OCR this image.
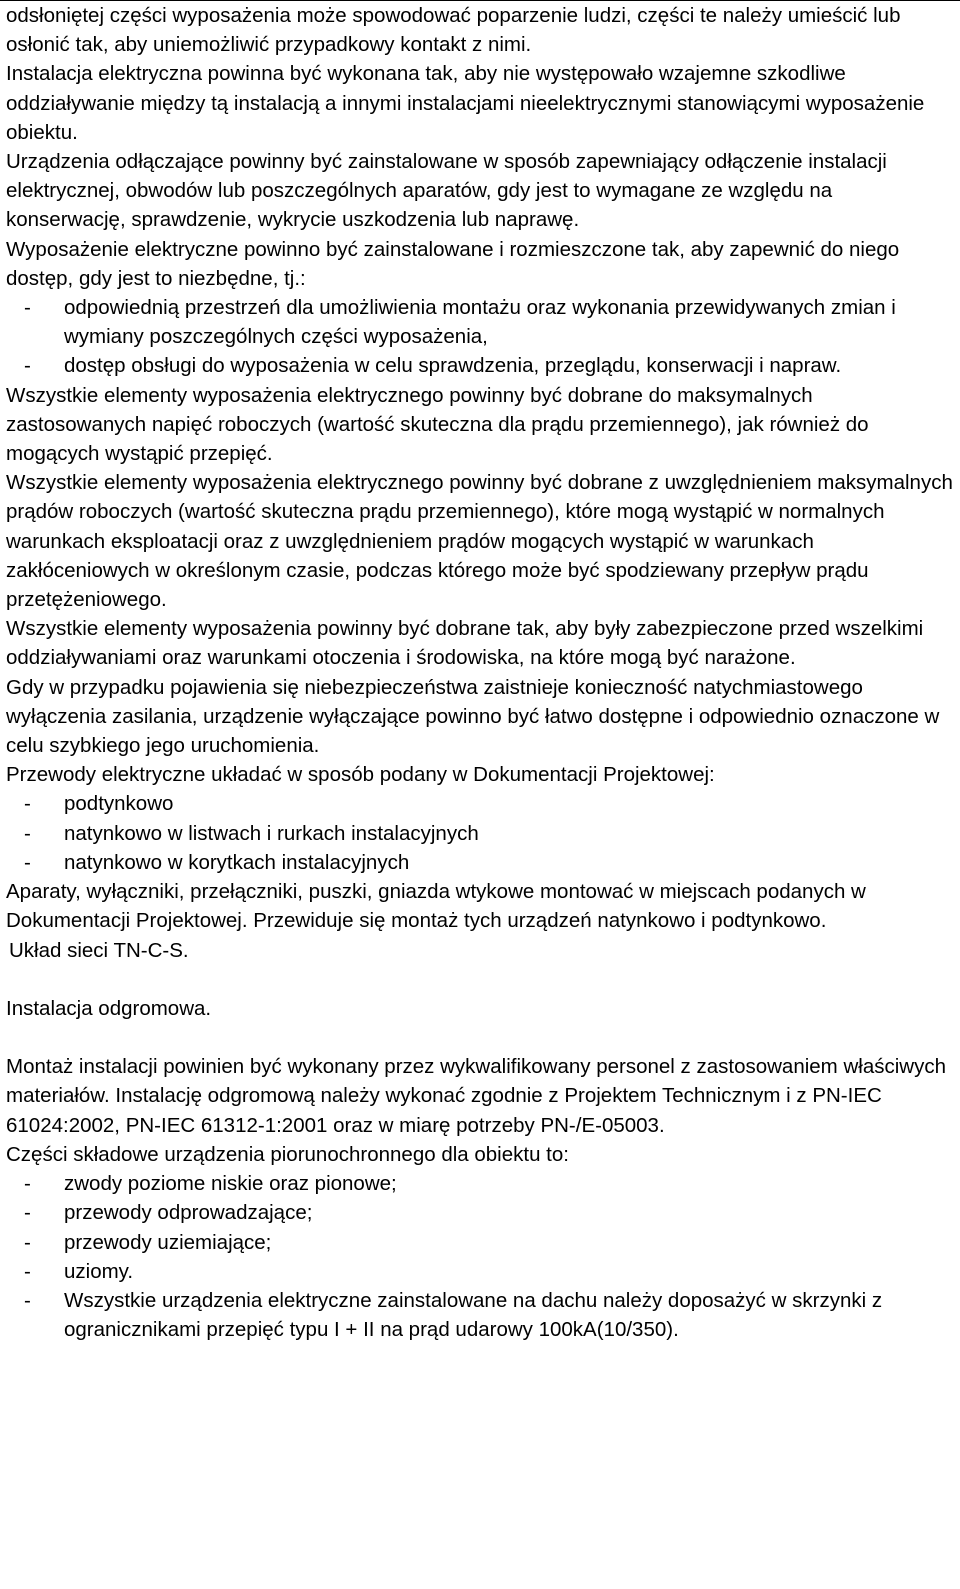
odsłoniętej części wyposażenia może spowodować poparzenie ludzi, części te należy umieścić lub osłonić tak, aby uniemożliwić przypadkowy kontakt z nimi.

Instalacja elektryczna powinna być wykonana tak, aby nie występowało wzajemne szkodliwe oddziaływanie między tą instalacją a innymi instalacjami nieelektrycznymi stanowiącymi wyposażenie obiektu.

Urządzenia odłączające powinny być zainstalowane w sposób zapewniający odłączenie instalacji elektrycznej, obwodów lub poszczególnych aparatów, gdy jest to wymagane ze względu na konserwację, sprawdzenie, wykrycie uszkodzenia lub naprawę.

Wyposażenie elektryczne powinno być zainstalowane i rozmieszczone tak, aby zapewnić do niego dostęp, gdy jest to niezbędne, tj.:

- odpowiednią przestrzeń dla umożliwienia montażu oraz wykonania przewidywanych zmian i wymiany poszczególnych części wyposażenia,
- dostęp obsługi do wyposażenia w celu sprawdzenia, przeglądu, konserwacji i napraw.

Wszystkie elementy wyposażenia elektrycznego powinny być dobrane do maksymalnych zastosowanych napięć roboczych (wartość skuteczna dla prądu przemiennego), jak również do mogących wystąpić przepięć.

Wszystkie elementy wyposażenia elektrycznego powinny być dobrane z uwzględnieniem maksymalnych prądów roboczych (wartość skuteczna prądu przemiennego), które mogą wystąpić w normalnych warunkach eksploatacji oraz z uwzględnieniem prądów mogących wystąpić w warunkach zakłóceniowych w określonym czasie, podczas którego może być spodziewany przepływ prądu przetężeniowego.

Wszystkie elementy wyposażenia powinny być dobrane tak, aby były zabezpieczone przed wszelkimi oddziaływaniami oraz warunkami otoczenia i środowiska, na które mogą być narażone.

Gdy w przypadku pojawienia się niebezpieczeństwa zaistnieje konieczność natychmiastowego wyłączenia zasilania, urządzenie wyłączające powinno być łatwo dostępne i odpowiednio oznaczone w celu szybkiego jego uruchomienia.

Przewody elektryczne układać w sposób podany w Dokumentacji Projektowej:

- podtynkowo
- natynkowo w listwach i rurkach instalacyjnych
- natynkowo w korytkach instalacyjnych

Aparaty, wyłączniki, przełączniki, puszki, gniazda wtykowe montować w miejscach podanych w Dokumentacji Projektowej. Przewiduje się montaż tych urządzeń natynkowo i podtynkowo.

Układ sieci TN-C-S.

Instalacja odgromowa.

Montaż instalacji powinien być wykonany przez wykwalifikowany personel z zastosowaniem właściwych materiałów. Instalację odgromową należy wykonać zgodnie z Projektem Technicznym i z PN-IEC 61024:2002, PN-IEC 61312-1:2001 oraz w miarę potrzeby PN-/E-05003.

Części składowe urządzenia piorunochronnego dla obiektu to:

- zwody poziome niskie oraz pionowe;
- przewody odprowadzające;
- przewody uziemiające;
- uziomy.
- Wszystkie urządzenia elektryczne zainstalowane na dachu należy doposażyć w skrzynki z ogranicznikami przepięć typu I + II na prąd udarowy 100kA(10/350).
